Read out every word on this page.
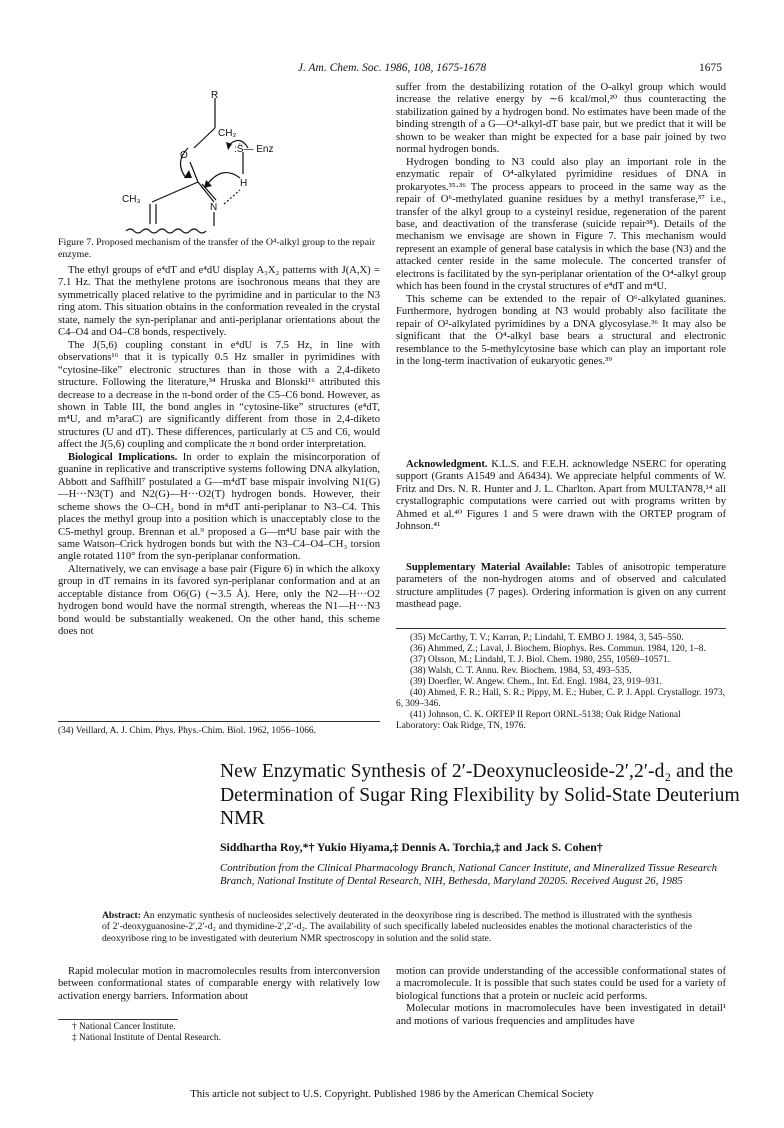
J. Am. Chem. Soc. 1986, 108, 1675-1678	1675
R
CH₂
O
:S̈— Enz
CH₃
N
H
Figure 7. Proposed mechanism of the transfer of the O⁴-alkyl group to the repair enzyme.

The ethyl groups of e⁴dT and e⁴dU display A₃X₂ patterns with J(A,X) = 7.1 Hz. That the methylene protons are isochronous means that they are symmetrically placed relative to the pyrimidine and in particular to the N3 ring atom. This situation obtains in the conformation revealed in the crystal state, namely the syn-periplanar and anti-periplanar orientations about the C4–O4 and O4–C8 bonds, respectively.

The J(5,6) coupling constant in e⁴dU is 7.5 Hz, in line with observations¹⁶ that it is typically 0.5 Hz smaller in pyrimidines with “cytosine-like” electronic structures than in those with a 2,4-diketo structure. Following the literature,³⁴ Hruska and Blonski¹⁶ attributed this decrease to a decrease in the π-bond order of the C5–C6 bond. However, as shown in Table III, the bond angles in “cytosine-like” structures (e⁴dT, m⁴U, and m⁵araC) are significantly different from those in 2,4-diketo structures (U and dT). These differences, particularly at C5 and C6, would affect the J(5,6) coupling and complicate the π bond order interpretation.

Biological Implications. In order to explain the misincorporation of guanine in replicative and transcriptive systems following DNA alkylation, Abbott and Saffhill⁷ postulated a G––m⁴dT base mispair involving N1(G)—H···N3(T) and N2(G)—H···O2(T) hydrogen bonds. However, their scheme shows the O–CH₃ bond in m⁴dT anti-periplanar to N3–C4. This places the methyl group into a position which is unacceptably close to the C5-methyl group. Brennan et al.⁹ proposed a G––m⁴U base pair with the same Watson–Crick hydrogen bonds but with the N3–C4–O4–CH₃ torsion angle rotated 110° from the syn-periplanar conformation.

Alternatively, we can envisage a base pair (Figure 6) in which the alkoxy group in dT remains in its favored syn-periplanar conformation and at an acceptable distance from O6(G) (∼3.5 Å). Here, only the N2—H···O2 hydrogen bond would have the normal strength, whereas the N1—H···N3 bond would be substantially weakened. On the other hand, this scheme does not

(34) Veillard, A. J. Chim. Phys. Phys.-Chim. Biol. 1962, 1056–1066.

suffer from the destabilizing rotation of the O-alkyl group which would increase the relative energy by ∼6 kcal/mol,²⁰ thus counteracting the stabilization gained by a hydrogen bond. No estimates have been made of the binding strength of a G––O⁴-alkyl-dT base pair, but we predict that it will be shown to be weaker than might be expected for a base pair joined by two normal hydrogen bonds.

Hydrogen bonding to N3 could also play an important role in the enzymatic repair of O⁴-alkylated pyrimidine residues of DNA in prokaryotes.³⁵·³⁶ The process appears to proceed in the same way as the repair of O⁶-methylated guanine residues by a methyl transferase,³⁷ i.e., transfer of the alkyl group to a cysteinyl residue, regeneration of the parent base, and deactivation of the transferase (suicide repair³⁸). Details of the mechanism we envisage are shown in Figure 7. This mechanism would represent an example of general base catalysis in which the base (N3) and the attacked center reside in the same molecule. The concerted transfer of electrons is facilitated by the syn-periplanar orientation of the O⁴-alkyl group which has been found in the crystal structures of e⁴dT and m⁴U.

This scheme can be extended to the repair of O⁶-alkylated guanines. Furthermore, hydrogen bonding at N3 would probably also facilitate the repair of O²-alkylated pyrimidines by a DNA glycosylase.³⁶ It may also be significant that the O⁴-alkyl base bears a structural and electronic resemblance to the 5-methylcytosine base which can play an important role in the long-term inactivation of eukaryotic genes.³⁹

Acknowledgment. K.L.S. and F.E.H. acknowledge NSERC for operating support (Grants A1549 and A6434). We appreciate helpful comments of W. Fritz and Drs. N. R. Hunter and J. L. Charlton. Apart from MULTAN78,¹⁴ all crystallographic computations were carried out with programs written by Ahmed et al.⁴⁰ Figures 1 and 5 were drawn with the ORTEP program of Johnson.⁴¹

Supplementary Material Available: Tables of anisotropic temperature parameters of the non-hydrogen atoms and of observed and calculated structure amplitudes (7 pages). Ordering information is given on any current masthead page.

(35) McCarthy, T. V.; Karran, P.; Lindahl, T. EMBO J. 1984, 3, 545–550.
(36) Ahmmed, Z.; Laval, J. Biochem. Biophys. Res. Commun. 1984, 120, 1–8.
(37) Olsson, M.; Lindahl, T. J. Biol. Chem. 1980, 255, 10569–10571.
(38) Walsh, C. T. Annu. Rev. Biochem. 1984, 53, 493–535.
(39) Doerfler, W. Angew. Chem., Int. Ed. Engl. 1984, 23, 919–931.
(40) Ahmed, F. R.; Hall, S. R.; Pippy, M. E.; Huber, C. P. J. Appl. Crystallogr. 1973, 6, 309–346.
(41) Johnson, C. K. ORTEP II Report ORNL-5138; Oak Ridge National Laboratory: Oak Ridge, TN, 1976.
New Enzymatic Synthesis of 2′-Deoxynucleoside-2′,2′-d₂ and the Determination of Sugar Ring Flexibility by Solid-State Deuterium NMR
Siddhartha Roy,*† Yukio Hiyama,‡ Dennis A. Torchia,‡ and Jack S. Cohen†
Contribution from the Clinical Pharmacology Branch, National Cancer Institute, and Mineralized Tissue Research Branch, National Institute of Dental Research, NIH, Bethesda, Maryland 20205. Received August 26, 1985
Abstract: An enzymatic synthesis of nucleosides selectively deuterated in the deoxyribose ring is described. The method is illustrated with the synthesis of 2′-deoxyguanosine-2′,2′-d₂ and thymidine-2′,2′-d₂. The availability of such specifically labeled nucleosides enables the motional characteristics of the deoxyribose ring to be investigated with deuterium NMR spectroscopy in solution and the solid state.

Rapid molecular motion in macromolecules results from interconversion between conformational states of comparable energy with relatively low activation energy barriers. Information about

† National Cancer Institute.
‡ National Institute of Dental Research.

motion can provide understanding of the accessible conformational states of a macromolecule. It is possible that such states could be used for a variety of biological functions that a protein or nucleic acid performs.

Molecular motions in macromolecules have been investigated in detail¹ and motions of various frequencies and amplitudes have

This article not subject to U.S. Copyright. Published 1986 by the American Chemical Society
